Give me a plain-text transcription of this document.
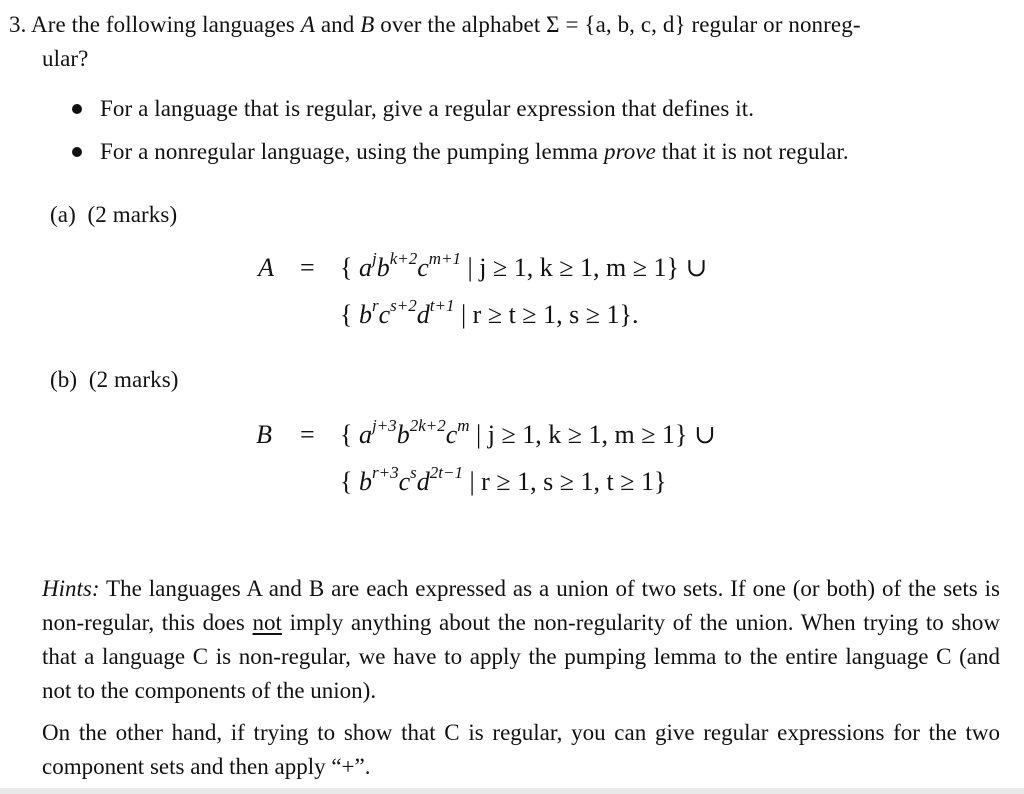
3. Are the following languages A and B over the alphabet Σ = {a, b, c, d} regular or nonreg-
ular?
For a language that is regular, give a regular expression that defines it.
For a nonregular language, using the pumping lemma prove that it is not regular.
(a) (2 marks)
A = { $a^jb^{k+2}c^{m+1}$ | j ≥ 1, k ≥ 1, m ≥ 1} ∪
{ $b^rc^{s+2}d^{t+1}$ | r ≥ t ≥ 1, s ≥ 1}.
(b) (2 marks)
B = { $a^{j+3}b^{2k+2}c^m$ | j ≥ 1, k ≥ 1, m ≥ 1} ∪
{ $b^{r+3}c^sd^{2t-1}$ | r ≥ 1, s ≥ 1, t ≥ 1}
Hints: The languages A and B are each expressed as a union of two sets. If one (or both) of the sets is non-regular, this does not imply anything about the non-regularity of the union. When trying to show that a language C is non-regular, we have to apply the pumping lemma to the entire language C (and not to the components of the union).
On the other hand, if trying to show that C is regular, you can give regular expressions for the two component sets and then apply “+”.
